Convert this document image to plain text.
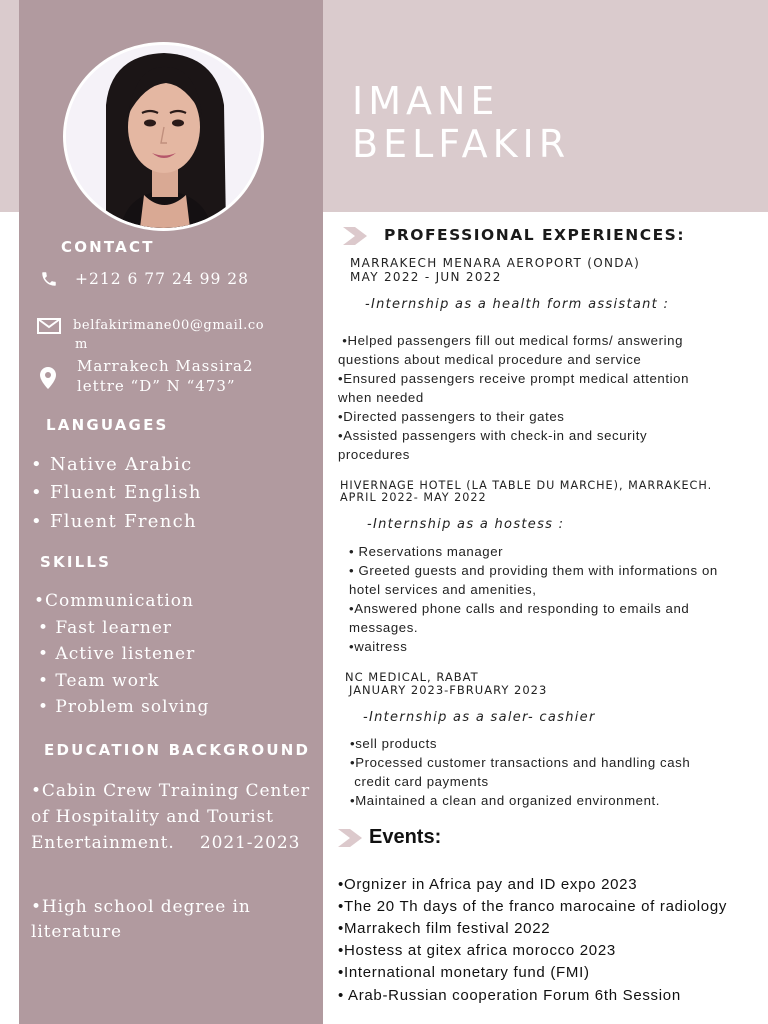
IMANE
BELFAKIR
CONTACT

+212 6 77 24 99 28

belfakirimane00@gmail.co

m

Marrakech Massira2

lettre “D” N “473”

LANGUAGES

• Native Arabic

• Fluent English

• Fluent French

SKILLS

•Communication

• Fast learner

• Active listener

• Team work

• Problem solving

EDUCATION BACKGROUND

•Cabin Crew Training Center

of Hospitality and Tourist

Entertainment.    2021-2023

•High school degree in

literature

PROFESSIONAL EXPERIENCES:
MARRAKECH MENARA AEROPORT (ONDA)
MAY 2022 - JUN 2022
-Internship as a health form assistant :
•Helped passengers fill out medical forms/ answering
questions about medical procedure and service
•Ensured passengers receive prompt medical attention
when needed
•Directed passengers to their gates
•Assisted passengers with check-in and security
procedures
HIVERNAGE HOTEL (LA TABLE DU MARCHE), MARRAKECH.
APRIL 2022- MAY 2022
-Internship as a hostess :
• Reservations manager
• Greeted guests and providing them with informations on
hotel services and amenities,
•Answered phone calls and responding to emails and
messages.
•waitress
NC MEDICAL, RABAT
JANUARY 2023-FBRUARY 2023
-Internship as a saler- cashier
•sell products
•Processed customer transactions and handling cash
credit card payments
•Maintained a clean and organized environment.
Events:
•Orgnizer in Africa pay and ID expo 2023
•The 20 Th days of the franco marocaine of radiology
•Marrakech film festival 2022
•Hostess at gitex africa morocco 2023
•International monetary fund (FMI)
• Arab-Russian cooperation Forum 6th Session
